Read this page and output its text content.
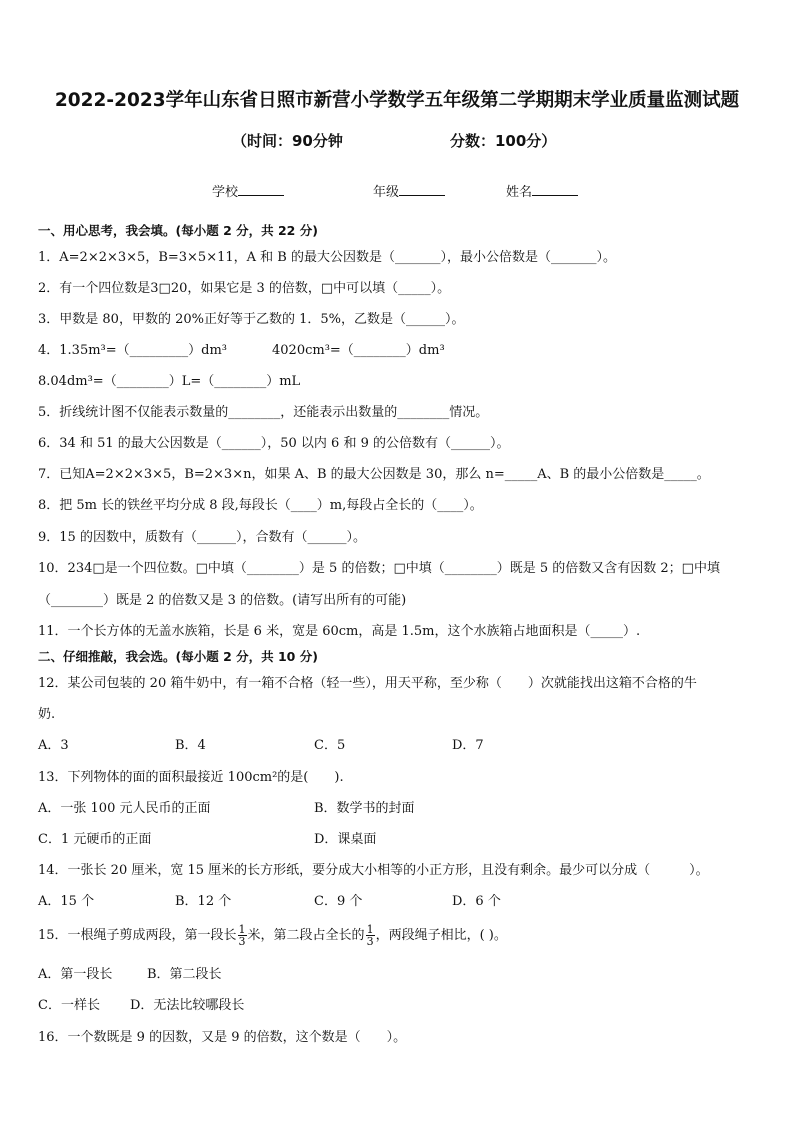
2022-2023学年山东省日照市新营小学数学五年级第二学期期末学业质量监测试题
（时间：90分钟	分数：100分）
学校	年级	姓名
一、用心思考，我会填。(每小题 2 分，共 22 分)
1．A=2×2×3×5，B=3×5×11，A 和 B 的最大公因数是（_______），最小公倍数是（_______）。
2．有一个四位数是3□20，如果它是 3 的倍数，□中可以填（_____）。
3．甲数是 80，甲数的 20%正好等于乙数的 1．5%，乙数是（______）。
4．1.35m³=（_________）dm³	4020cm³=（________）dm³
8.04dm³=（________）L=（________）mL
5．折线统计图不仅能表示数量的________，还能表示出数量的________情况。
6．34 和 51 的最大公因数是（______），50 以内 6 和 9 的公倍数有（______）。
7．已知A=2×2×3×5，B=2×3×n，如果 A、B 的最大公因数是 30，那么 n=_____A、B 的最小公倍数是_____。
8．把 5m 长的铁丝平均分成 8 段,每段长（____）m,每段占全长的（____）。
9．15 的因数中，质数有（______），合数有（______）。
10．234□是一个四位数。□中填（________）是 5 的倍数；□中填（________）既是 5 的倍数又含有因数 2；□中填
（________）既是 2 的倍数又是 3 的倍数。(请写出所有的可能)
11．一个长方体的无盖水族箱，长是 6 米，宽是 60cm，高是 1.5m，这个水族箱占地面积是（_____）.
二、仔细推敲，我会选。(每小题 2 分，共 10 分)
12．某公司包装的 20 箱牛奶中，有一箱不合格（轻一些），用天平称，至少称（　　）次就能找出这箱不合格的牛
奶.
A．3	B．4	C．5	D．7
13．下列物体的面的面积最接近 100cm²的是(　　).
A．一张 100 元人民币的正面	B．数学书的封面
C．1 元硬币的正面	D．课桌面
14．一张长 20 厘米，宽 15 厘米的长方形纸，要分成大小相等的小正方形，且没有剩余。最少可以分成（　　　）。
A．15 个	B．12 个	C．9 个	D．6 个
15．一根绳子剪成两段，第一段长 $\frac{1}{3}$ 米，第二段占全长的 $\frac{1}{3}$ ，两段绳子相比，( )。
A．第一段长	B．第二段长
C．一样长 D．无法比较哪段长
16．一个数既是 9 的因数，又是 9 的倍数，这个数是（　　）。
